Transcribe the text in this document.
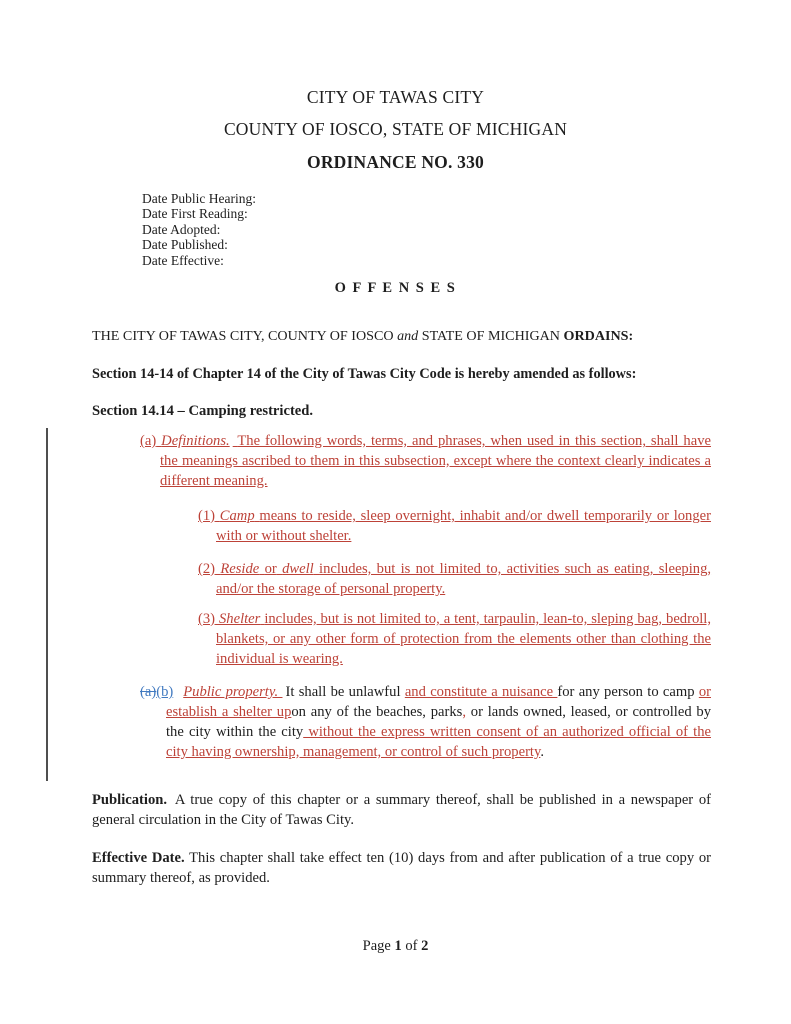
CITY OF TAWAS CITY
COUNTY OF IOSCO, STATE OF MICHIGAN
ORDINANCE NO. 330
Date Public Hearing:
Date First Reading:
Date Adopted:
Date Published:
Date Effective:
O F F E N S E S

THE CITY OF TAWAS CITY, COUNTY OF IOSCO and STATE OF MICHIGAN ORDAINS:

Section 14-14 of Chapter 14 of the City of Tawas City Code is hereby amended as follows:

Section 14.14 – Camping restricted.

(a) Definitions. The following words, terms, and phrases, when used in this section, shall have the meanings ascribed to them in this subsection, except where the context clearly indicates a different meaning.

(1) Camp means to reside, sleep overnight, inhabit and/or dwell temporarily or longer with or without shelter.

(2) Reside or dwell includes, but is not limited to, activities such as eating, sleeping, and/or the storage of personal property.

(3) Shelter includes, but is not limited to, a tent, tarpaulin, lean-to, sleping bag, bedroll, blankets, or any other form of protection from the elements other than clothing the individual is wearing.

(a)(b) Public property. It shall be unlawful and constitute a nuisance for any person to camp or establish a shelter upon any of the beaches, parks, or lands owned, leased, or controlled by the city within the city without the express written consent of an authorized official of the city having ownership, management, or control of such property.

Publication. A true copy of this chapter or a summary thereof, shall be published in a newspaper of general circulation in the City of Tawas City.

Effective Date. This chapter shall take effect ten (10) days from and after publication of a true copy or summary thereof, as provided.

Page 1 of 2
